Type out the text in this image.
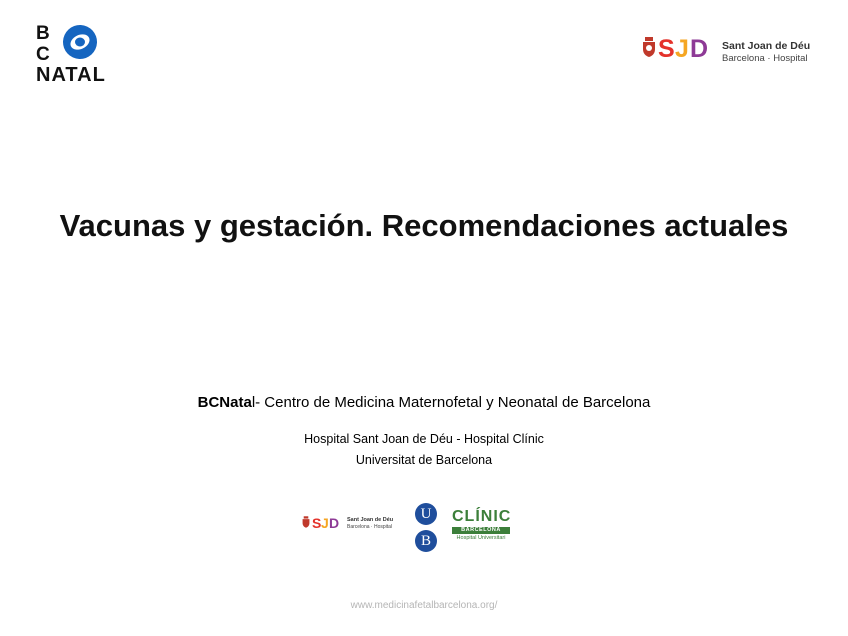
B
C
NATAL
S J D Sant Joan de Déu
Barcelona · Hospital
Vacunas y gestación. Recomendaciones actuales
BCNatal- Centro de Medicina Maternofetal y Neonatal de Barcelona
Hospital Sant Joan de Déu - Hospital Clínic
Universitat de Barcelona
S J D Sant Joan de Déu
Barcelona · Hospital
U
B
CLÍNIC
BARCELONA
Hospital Universitari
www.medicinafetalbarcelona.org/
